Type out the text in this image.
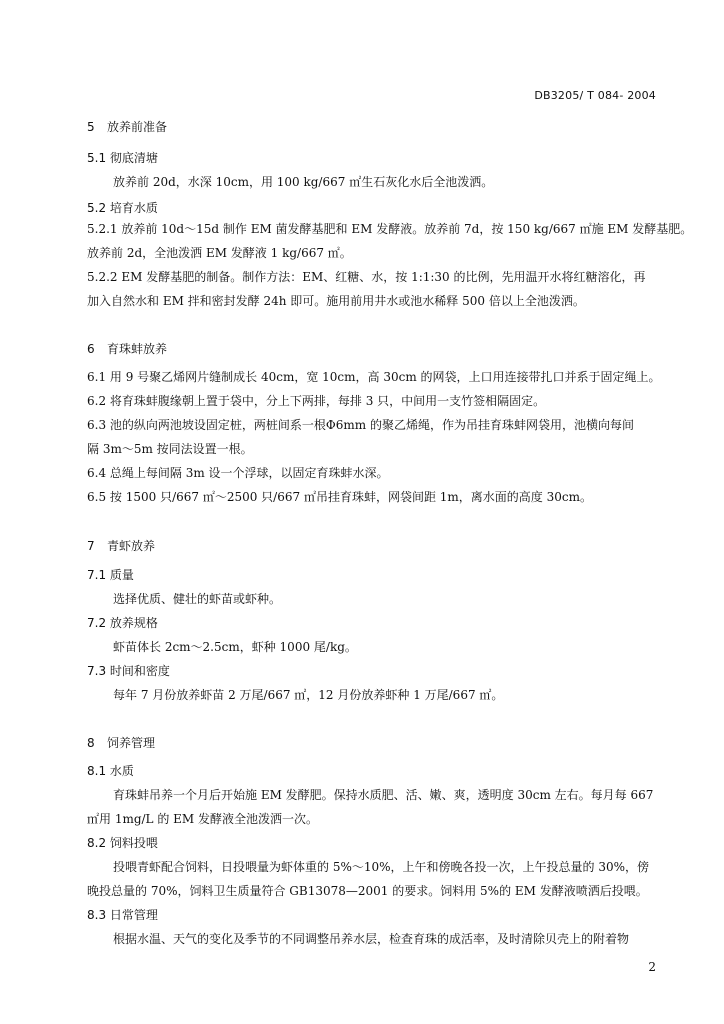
DB3205/ T 084- 2004
5 放养前准备
5.1 彻底清塘
放养前 20d，水深 10cm，用 100 kg/667 ㎡生石灰化水后全池泼洒。
5.2 培育水质
5.2.1 放养前 10d～15d 制作 EM 菌发酵基肥和 EM 发酵液。放养前 7d，按 150 kg/667 ㎡施 EM 发酵基肥。
放养前 2d，全池泼洒 EM 发酵液 1 kg/667 ㎡。
5.2.2 EM 发酵基肥的制备。制作方法：EM、红糖、水，按 1:1:30 的比例，先用温开水将红糖溶化，再
加入自然水和 EM 拌和密封发酵 24h 即可。施用前用井水或池水稀释 500 倍以上全池泼洒。
6 育珠蚌放养
6.1 用 9 号聚乙烯网片缝制成长 40cm，宽 10cm，高 30cm 的网袋，上口用连接带扎口并系于固定绳上。
6.2 将育珠蚌腹缘朝上置于袋中，分上下两排，每排 3 只，中间用一支竹签相隔固定。
6.3 池的纵向两池坡设固定桩，两桩间系一根Φ6mm 的聚乙烯绳，作为吊挂育珠蚌网袋用，池横向每间
隔 3m～5m 按同法设置一根。
6.4 总绳上每间隔 3m 设一个浮球，以固定育珠蚌水深。
6.5 按 1500 只/667 ㎡～2500 只/667 ㎡吊挂育珠蚌，网袋间距 1m，离水面的高度 30cm。
7 青虾放养
7.1 质量
选择优质、健壮的虾苗或虾种。
7.2 放养规格
虾苗体长 2cm～2.5cm，虾种 1000 尾/kg。
7.3 时间和密度
每年 7 月份放养虾苗 2 万尾/667 ㎡，12 月份放养虾种 1 万尾/667 ㎡。
8 饲养管理
8.1 水质
育珠蚌吊养一个月后开始施 EM 发酵肥。保持水质肥、活、嫩、爽，透明度 30cm 左右。每月每 667
㎡用 1mg/L 的 EM 发酵液全池泼洒一次。
8.2 饲料投喂
投喂青虾配合饲料，日投喂量为虾体重的 5%～10%，上午和傍晚各投一次，上午投总量的 30%，傍
晚投总量的 70%，饲料卫生质量符合 GB13078—2001 的要求。饲料用 5%的 EM 发酵液喷洒后投喂。
8.3 日常管理
根据水温、天气的变化及季节的不同调整吊养水层，检查育珠的成活率，及时清除贝壳上的附着物
2
